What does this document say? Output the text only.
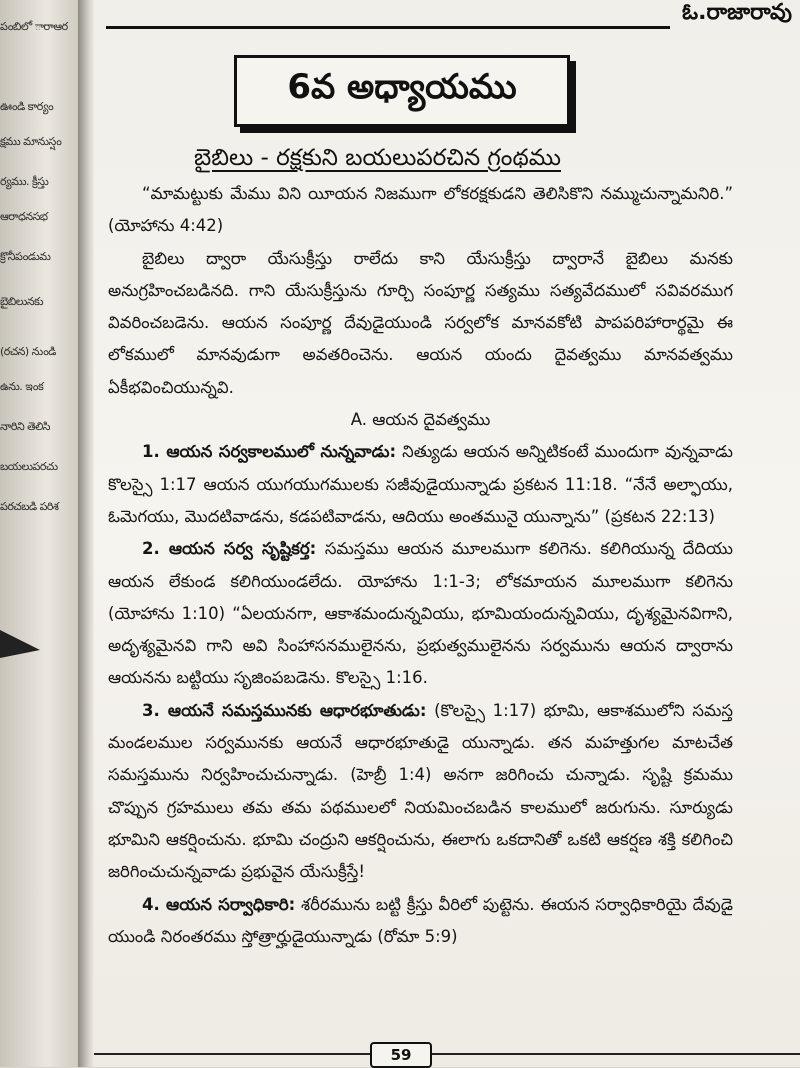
పంబిలో ారాఆర
ఊండి కార్యం
క్షము మానుస్షం
ర్యము. క్రీస్తు
ఆరాధనసభ
క్రొనీపండుమ
బైబిలునకు
(రచన) నుండి
ఉను. ఇంక
నారిని తెలిసి
బయలుపరచు
పరచబడి పరిశ
ఓ.రాజారావు
6వ అధ్యాయము
బైబిలు - రక్షకుని బయలుపరచిన గ్రంథము

“మామట్టుకు మేము విని యీయన నిజముగా లోకరక్షకుడని తెలిసికొని నమ్ముచున్నామనిరి.” (యోహాను 4:42)

బైబిలు ద్వారా యేసుక్రీస్తు రాలేదు కాని యేసుక్రీస్తు ద్వారానే బైబిలు మనకు అనుగ్రహించబడినది. గాని యేసుక్రీస్తును గూర్చి సంపూర్ణ సత్యము సత్యవేదములో సవివరముగ వివరించబడెను. ఆయన సంపూర్ణ దేవుడైయుండి సర్వలోక మానవకోటి పాపపరిహారార్థమై ఈ లోకములో మానవుడుగా అవతరించెను. ఆయన యందు దైవత్వము మానవత్వము ఏకీభవించియున్నవి.

A. ఆయన దైవత్వము

1. ఆయన సర్వకాలములో నున్నవాడు: నిత్యుడు ఆయన అన్నిటికంటే ముందుగా వున్నవాడు కొలస్సై 1:17 ఆయన యుగయుగములకు సజీవుడైయున్నాడు ప్రకటన 11:18. “నేనే అల్ఫాయు, ఓమెగయు, మొదటివాడను, కడపటివాడను, ఆదియు అంతమునై యున్నాను” (ప్రకటన 22:13)

2. ఆయన సర్వ సృష్టికర్త: సమస్తము ఆయన మూలముగా కలిగెను. కలిగియున్న దేదియు ఆయన లేకుండ కలిగియుండలేదు. యోహాను 1:1-3; లోకమాయన మూలముగా కలిగెను (యోహాను 1:10) “ఏలయనగా, ఆకాశమందున్నవియు, భూమియందున్నవియు, దృశ్యమైనవిగాని, అదృశ్యమైనవి గాని అవి సింహాసనములైనను, ప్రభుత్వములైనను సర్వమును ఆయన ద్వారాను ఆయనను బట్టియు సృజింపబడెను. కొలస్సై 1:16.

3. ఆయనే సమస్తమునకు ఆధారభూతుడు: (కొలస్సై 1:17) భూమి, ఆకాశములోని సమస్త మండలముల సర్వమునకు ఆయనే ఆధారభూతుడై యున్నాడు. తన మహత్తుగల మాటచేత సమస్తమును నిర్వహించుచున్నాడు. (హెబ్రీ 1:4) అనగా జరిగించు చున్నాడు. సృష్టి క్రమము చొప్పున గ్రహములు తమ తమ పథములలో నియమించబడిన కాలములో జరుగును. సూర్యుడు భూమిని ఆకర్షించును. భూమి చంద్రుని ఆకర్షించును, ఈలాగు ఒకదానితో ఒకటి ఆకర్షణ శక్తి కలిగించి జరిగించుచున్నవాడు ప్రభువైన యేసుక్రీస్తే!

4. ఆయన సర్వాధికారి: శరీరమును బట్టి క్రీస్తు వీరిలో పుట్టెను. ఈయన సర్వాధికారియై దేవుడై యుండి నిరంతరము స్తోత్రార్హుడైయున్నాడు (రోమా 5:9)

59
